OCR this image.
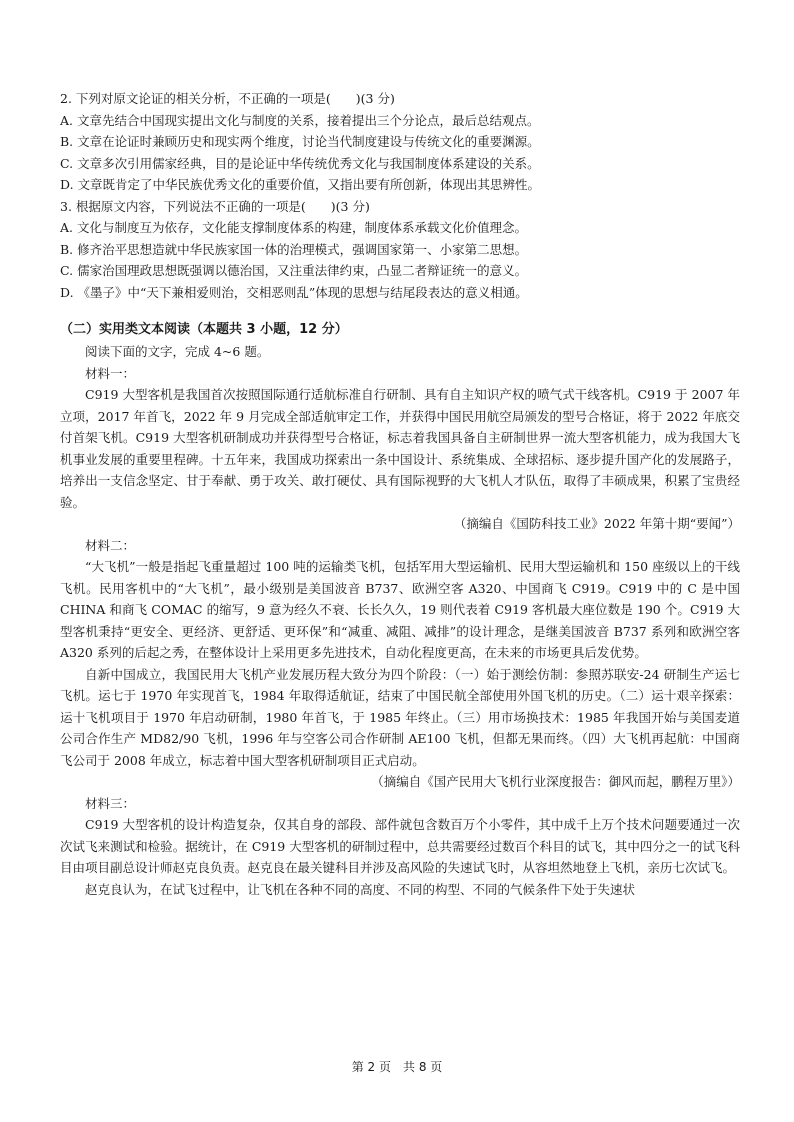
2. 下列对原文论证的相关分析，不正确的一项是(　　)(3 分)
A. 文章先结合中国现实提出文化与制度的关系，接着提出三个分论点，最后总结观点。
B. 文章在论证时兼顾历史和现实两个维度，讨论当代制度建设与传统文化的重要渊源。
C. 文章多次引用儒家经典，目的是论证中华传统优秀文化与我国制度体系建设的关系。
D. 文章既肯定了中华民族优秀文化的重要价值，又指出要有所创新，体现出其思辨性。
3. 根据原文内容，下列说法不正确的一项是(　　)(3 分)
A. 文化与制度互为依存，文化能支撑制度体系的构建，制度体系承载文化价值理念。
B. 修齐治平思想造就中华民族家国一体的治理模式，强调国家第一、小家第二思想。
C. 儒家治国理政思想既强调以德治国，又注重法律约束，凸显二者辩证统一的意义。
D. 《墨子》中“天下兼相爱则治，交相恶则乱”体现的思想与结尾段表达的意义相通。
（二）实用类文本阅读（本题共 3 小题，12 分）
阅读下面的文字，完成 4~6 题。
材料一：
C919 大型客机是我国首次按照国际通行适航标准自行研制、具有自主知识产权的喷气式干线客机。C919 于 2007 年立项，2017 年首飞，2022 年 9 月完成全部适航审定工作，并获得中国民用航空局颁发的型号合格证，将于 2022 年底交付首架飞机。C919 大型客机研制成功并获得型号合格证，标志着我国具备自主研制世界一流大型客机能力，成为我国大飞机事业发展的重要里程碑。十五年来，我国成功探索出一条中国设计、系统集成、全球招标、逐步提升国产化的发展路子，培养出一支信念坚定、甘于奉献、勇于攻关、敢打硬仗、具有国际视野的大飞机人才队伍，取得了丰硕成果，积累了宝贵经验。
（摘编自《国防科技工业》2022 年第十期“要闻”）
材料二：
“大飞机”一般是指起飞重量超过 100 吨的运输类飞机，包括军用大型运输机、民用大型运输机和 150 座级以上的干线飞机。民用客机中的“大飞机”，最小级别是美国波音 B737、欧洲空客 A320、中国商飞 C919。C919 中的 C 是中国 CHINA 和商飞 COMAC 的缩写，9 意为经久不衰、长长久久，19 则代表着 C919 客机最大座位数是 190 个。C919 大型客机秉持“更安全、更经济、更舒适、更环保”和“减重、减阻、减排”的设计理念，是继美国波音 B737 系列和欧洲空客 A320 系列的后起之秀，在整体设计上采用更多先进技术，自动化程度更高，在未来的市场更具后发优势。
自新中国成立，我国民用大飞机产业发展历程大致分为四个阶段：（一）始于测绘仿制：参照苏联安-24 研制生产运七飞机。运七于 1970 年实现首飞，1984 年取得适航证，结束了中国民航全部使用外国飞机的历史。（二）运十艰辛探索：运十飞机项目于 1970 年启动研制，1980 年首飞，于 1985 年终止。（三）用市场换技术：1985 年我国开始与美国麦道公司合作生产 MD82/90 飞机，1996 年与空客公司合作研制 AE100 飞机，但都无果而终。（四）大飞机再起航：中国商飞公司于 2008 年成立，标志着中国大型客机研制项目正式启动。
（摘编自《国产民用大飞机行业深度报告：御风而起，鹏程万里》）
材料三：
C919 大型客机的设计构造复杂，仅其自身的部段、部件就包含数百万个小零件，其中成千上万个技术问题要通过一次次试飞来测试和检验。据统计，在 C919 大型客机的研制过程中，总共需要经过数百个科目的试飞，其中四分之一的试飞科目由项目副总设计师赵克良负责。赵克良在最关键科目并涉及高风险的失速试飞时，从容坦然地登上飞机，亲历七次试飞。
赵克良认为，在试飞过程中，让飞机在各种不同的高度、不同的构型、不同的气候条件下处于失速状
第 2 页　共 8 页
